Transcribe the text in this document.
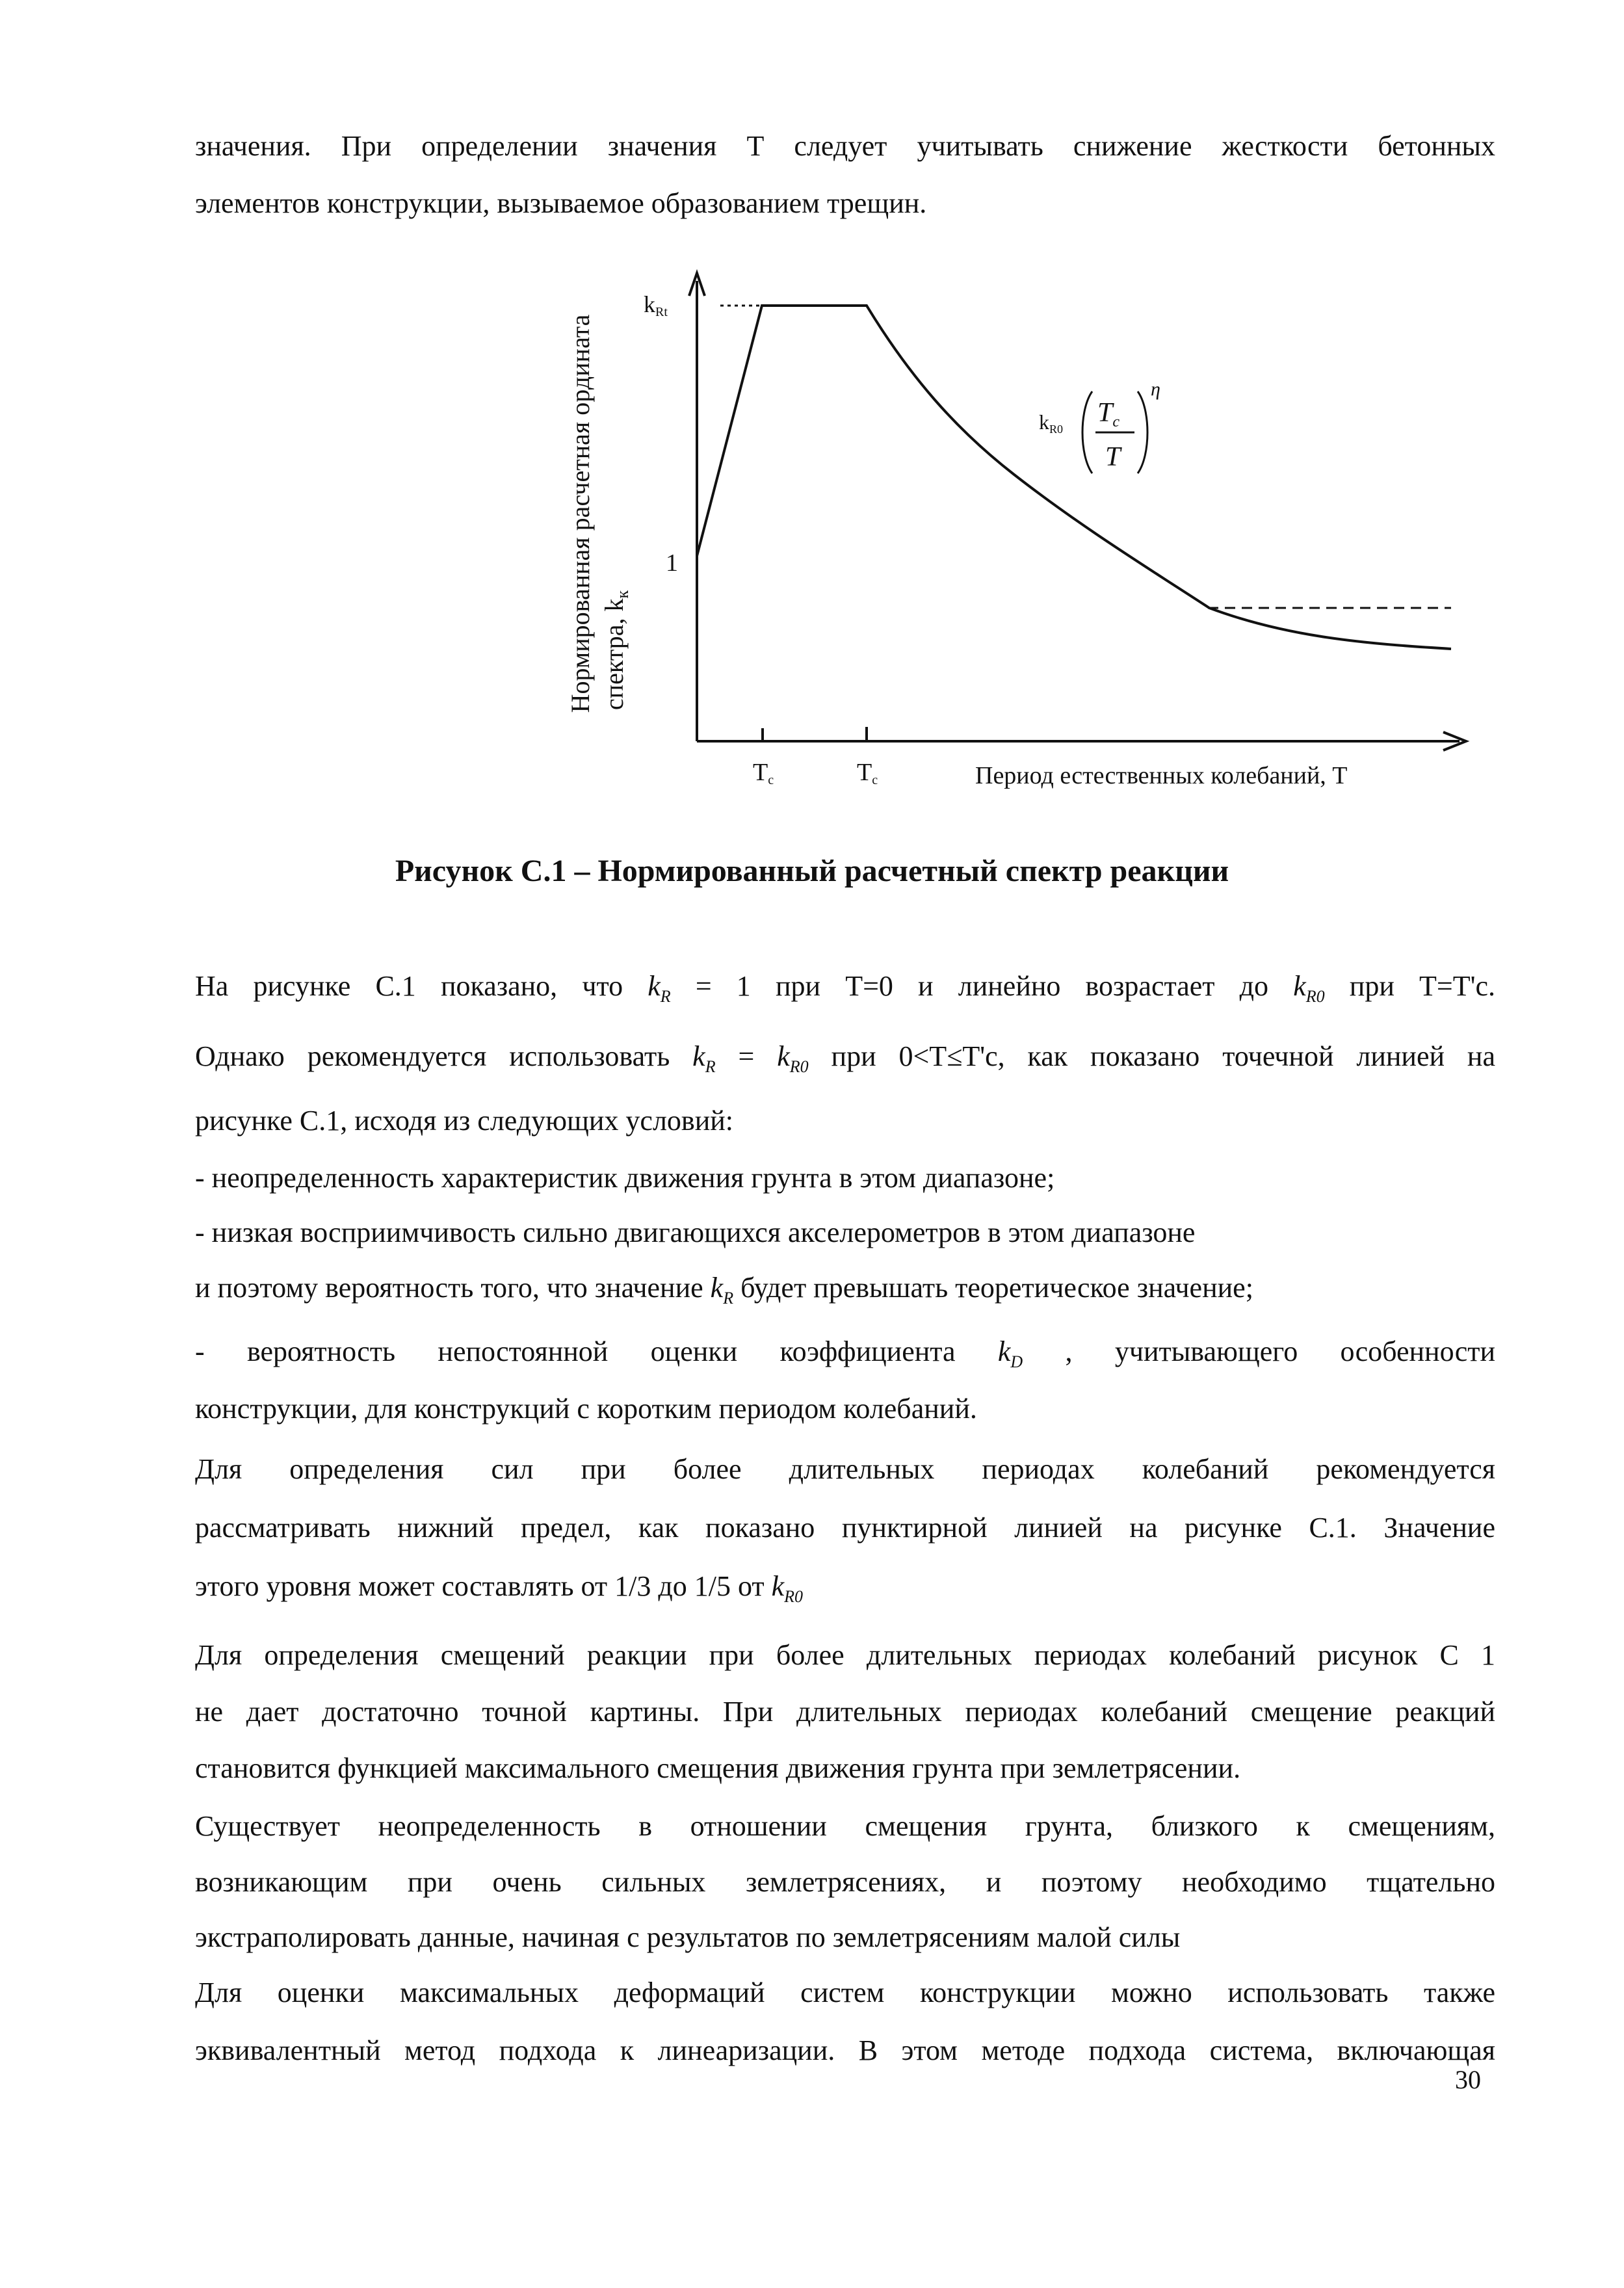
значения. При определении значения Т следует учитывать снижение жесткости бетонных
элементов конструкции, вызываемое образованием трещин.
Нормированная расчетная ордината спектра, $k_к$
kRt
1
Тc	Тc	Период естественных колебаний, Т
kR0
Tc
T
η
Рисунок С.1 – Нормированный расчетный спектр реакции
На рисунке С.1 показано, что $k_R = 1$ при Т=0 и линейно возрастает до $k_{R0}$ при Т=Т'с.
Однако рекомендуется использовать $k_R = k_{R0}$ при 0<T≤T'с, как показано точечной линией на
рисунке С.1, исходя из следующих условий:
- неопределенность характеристик движения грунта в этом диапазоне;
- низкая восприимчивость сильно двигающихся акселерометров в этом диапазоне
и поэтому вероятность того, что значение $k_R$ будет превышать теоретическое значение;
- вероятность непостоянной оценки коэффициента $k_D$ , учитывающего особенности
конструкции, для конструкций с коротким периодом колебаний.
Для определения сил при более длительных периодах колебаний рекомендуется
рассматривать нижний предел, как показано пунктирной линией на рисунке С.1. Значение
этого уровня может составлять от 1/3 до 1/5 от $k_{R0}$
Для определения смещений реакции при более длительных периодах колебаний рисунок С 1
не дает достаточно точной картины. При длительных периодах колебаний смещение реакций
становится функцией максимального смещения движения грунта при землетрясении.
Существует неопределенность в отношении смещения грунта, близкого к смещениям,
возникающим при очень сильных землетрясениях, и поэтому необходимо тщательно
экстраполировать данные, начиная с результатов по землетрясениям малой силы
Для оценки максимальных деформаций систем конструкции можно использовать также
эквивалентный метод подхода к линеаризации. В этом методе подхода система, включающая
30
